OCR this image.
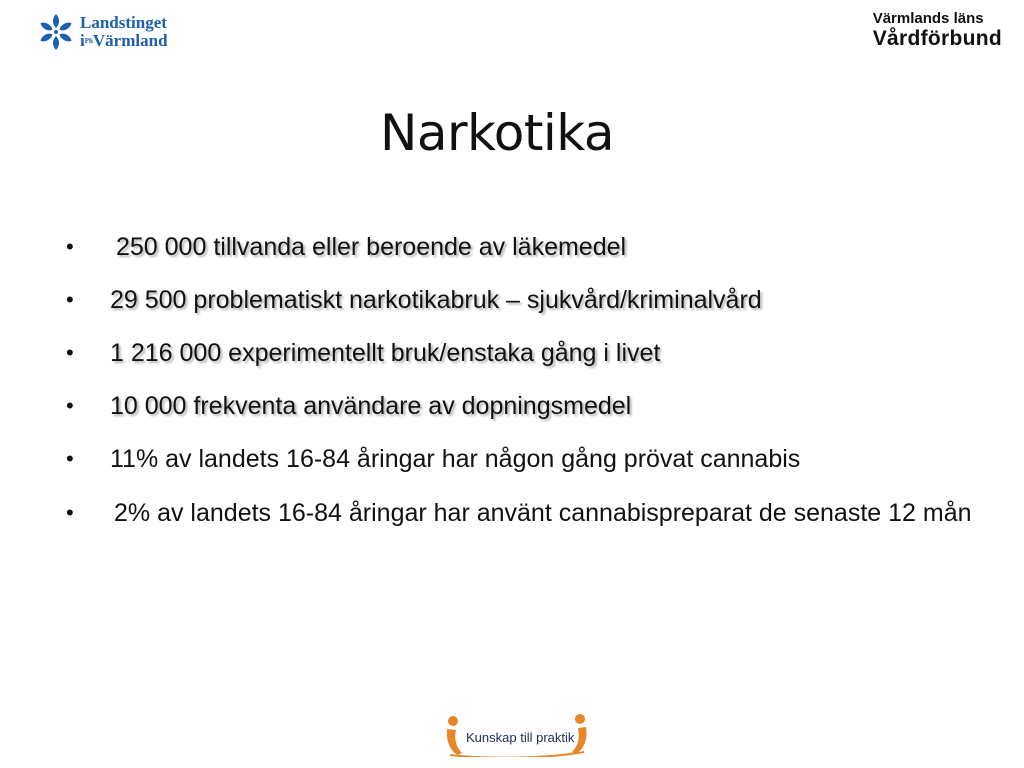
Landstinget
$i^{Ph}Värmland$
Värmlands läns
Vårdförbund
Narkotika
• 250 000 tillvanda eller beroende av läkemedel
• 29 500 problematiskt narkotikabruk – sjukvård/kriminalvård
• 1 216 000 experimentellt bruk/enstaka gång i livet
• 10 000 frekventa användare av dopningsmedel
• 11% av landets 16-84 åringar har någon gång prövat cannabis
• 2% av landets 16-84 åringar har använt cannabispreparat de senaste 12 mån
Kunskap till praktik
